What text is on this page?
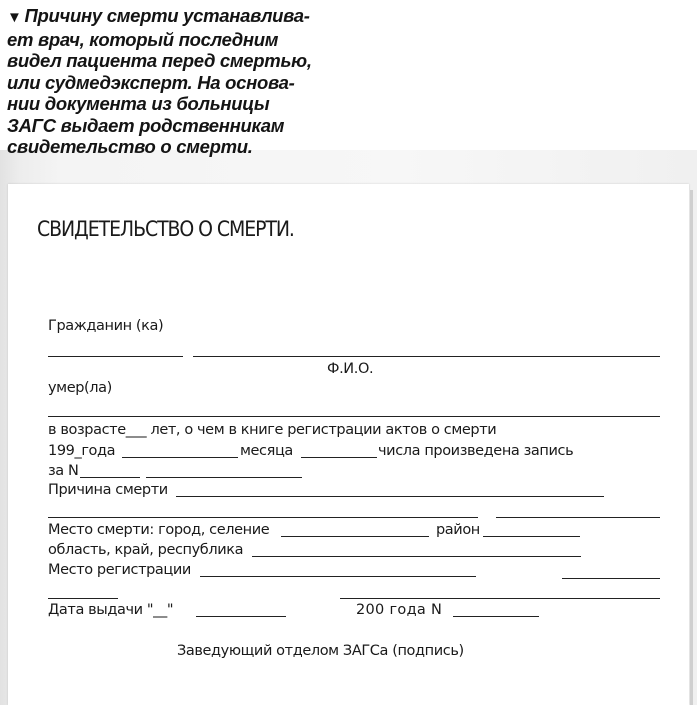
▼ Причину смерти устанавлива-
ет врач, который последним
видел пациента перед смертью,
или судмедэксперт. На основа-
нии документа из больницы
ЗАГС выдает родственникам
свидетельство о смерти.
СВИДЕТЕЛЬСТВО О СМЕРТИ.
Гражданин (ка)
Ф.И.О.
умер(ла)
в возрасте___ лет, о чем в книге регистрации актов о смерти
199_года	месяца	числа произведена запись
за N
Причина смерти
Место смерти: город, селение	район
область, край, республика
Место регистрации
Дата выдачи "__"	200 года N
Заведующий отделом ЗАГСа (подпись)
